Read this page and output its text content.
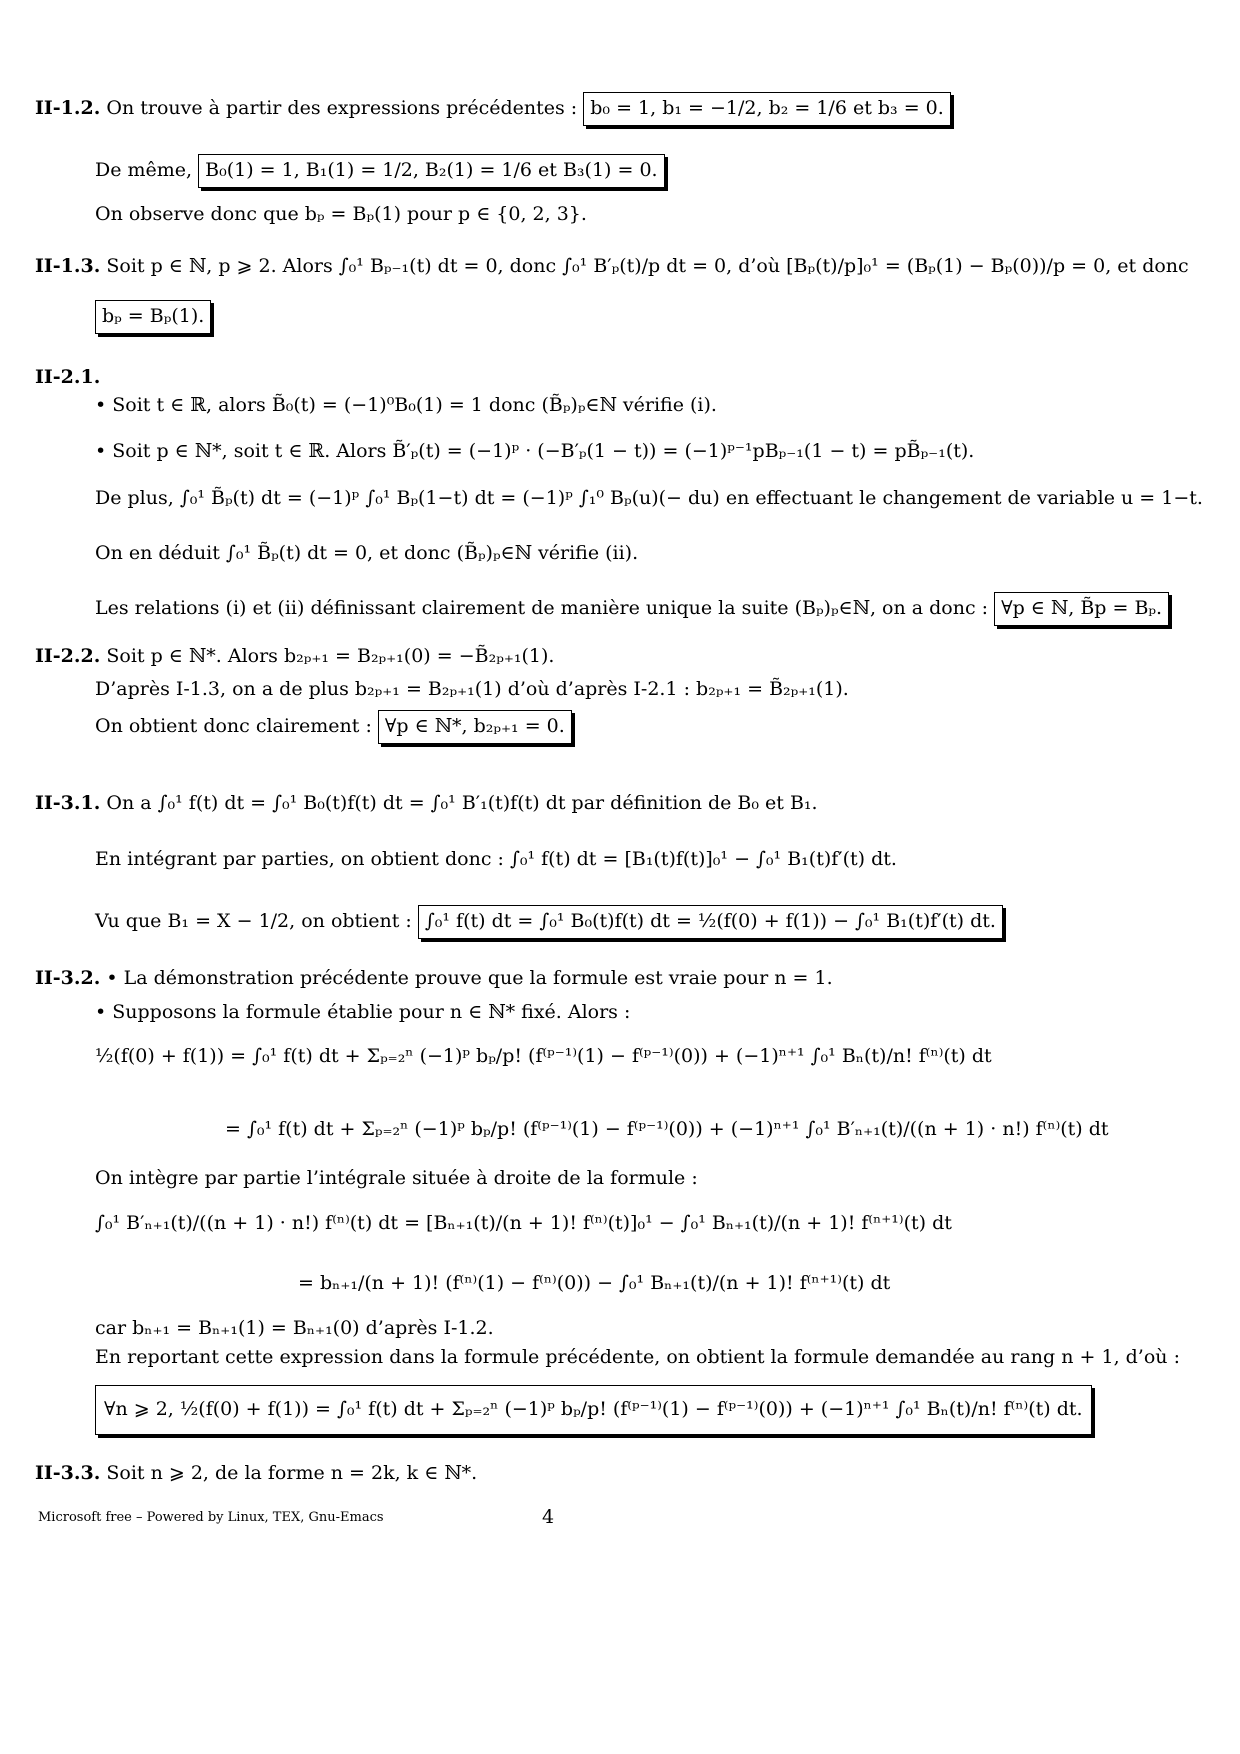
II-1.2. On trouve à partir des expressions précédentes : b₀ = 1, b₁ = −1/2, b₂ = 1/6 et b₃ = 0.
De même, B₀(1) = 1, B₁(1) = 1/2, B₂(1) = 1/6 et B₃(1) = 0.
On observe donc que bₚ = Bₚ(1) pour p ∈ {0, 2, 3}.
II-1.3. Soit p ∈ ℕ, p ⩾ 2. Alors ∫₀¹ Bₚ₋₁(t) dt = 0, donc ∫₀¹ B′ₚ(t)/p dt = 0, d’où [Bₚ(t)/p]₀¹ = (Bₚ(1) − Bₚ(0))/p = 0, et donc
bₚ = Bₚ(1).
II-2.1.
• Soit t ∈ ℝ, alors B̃₀(t) = (−1)⁰B₀(1) = 1 donc (B̃ₚ)ₚ∈ℕ vérifie (i).
• Soit p ∈ ℕ*, soit t ∈ ℝ. Alors B̃′ₚ(t) = (−1)ᵖ · (−B′ₚ(1 − t)) = (−1)ᵖ⁻¹pBₚ₋₁(1 − t) = pB̃ₚ₋₁(t).
De plus, ∫₀¹ B̃ₚ(t) dt = (−1)ᵖ ∫₀¹ Bₚ(1−t) dt = (−1)ᵖ ∫₁⁰ Bₚ(u)(− du) en effectuant le changement de variable u = 1−t.
On en déduit ∫₀¹ B̃ₚ(t) dt = 0, et donc (B̃ₚ)ₚ∈ℕ vérifie (ii).
Les relations (i) et (ii) définissant clairement de manière unique la suite (Bₚ)ₚ∈ℕ, on a donc : ∀p ∈ ℕ, B̃p = Bₚ.
II-2.2. Soit p ∈ ℕ*. Alors b₂ₚ₊₁ = B₂ₚ₊₁(0) = −B̃₂ₚ₊₁(1).
D’après I-1.3, on a de plus b₂ₚ₊₁ = B₂ₚ₊₁(1) d’où d’après I-2.1 : b₂ₚ₊₁ = B̃₂ₚ₊₁(1).
On obtient donc clairement : ∀p ∈ ℕ*, b₂ₚ₊₁ = 0.
II-3.1. On a ∫₀¹ f(t) dt = ∫₀¹ B₀(t)f(t) dt = ∫₀¹ B′₁(t)f(t) dt par définition de B₀ et B₁.
En intégrant par parties, on obtient donc : ∫₀¹ f(t) dt = [B₁(t)f(t)]₀¹ − ∫₀¹ B₁(t)f′(t) dt.
Vu que B₁ = X − 1/2, on obtient : ∫₀¹ f(t) dt = ∫₀¹ B₀(t)f(t) dt = ½(f(0) + f(1)) − ∫₀¹ B₁(t)f′(t) dt.
II-3.2. • La démonstration précédente prouve que la formule est vraie pour n = 1.
• Supposons la formule établie pour n ∈ ℕ* fixé. Alors :
½(f(0) + f(1)) = ∫₀¹ f(t) dt + Σₚ₌₂ⁿ (−1)ᵖ bₚ/p! (f⁽ᵖ⁻¹⁾(1) − f⁽ᵖ⁻¹⁾(0)) + (−1)ⁿ⁺¹ ∫₀¹ Bₙ(t)/n! f⁽ⁿ⁾(t) dt
= ∫₀¹ f(t) dt + Σₚ₌₂ⁿ (−1)ᵖ bₚ/p! (f⁽ᵖ⁻¹⁾(1) − f⁽ᵖ⁻¹⁾(0)) + (−1)ⁿ⁺¹ ∫₀¹ B′ₙ₊₁(t)/((n + 1) · n!) f⁽ⁿ⁾(t) dt
On intègre par partie l’intégrale située à droite de la formule :
∫₀¹ B′ₙ₊₁(t)/((n + 1) · n!) f⁽ⁿ⁾(t) dt = [Bₙ₊₁(t)/(n + 1)! f⁽ⁿ⁾(t)]₀¹ − ∫₀¹ Bₙ₊₁(t)/(n + 1)! f⁽ⁿ⁺¹⁾(t) dt
= bₙ₊₁/(n + 1)! (f⁽ⁿ⁾(1) − f⁽ⁿ⁾(0)) − ∫₀¹ Bₙ₊₁(t)/(n + 1)! f⁽ⁿ⁺¹⁾(t) dt
car bₙ₊₁ = Bₙ₊₁(1) = Bₙ₊₁(0) d’après I-1.2.
En reportant cette expression dans la formule précédente, on obtient la formule demandée au rang n + 1, d’où :
∀n ⩾ 2, ½(f(0) + f(1)) = ∫₀¹ f(t) dt + Σₚ₌₂ⁿ (−1)ᵖ bₚ/p! (f⁽ᵖ⁻¹⁾(1) − f⁽ᵖ⁻¹⁾(0)) + (−1)ⁿ⁺¹ ∫₀¹ Bₙ(t)/n! f⁽ⁿ⁾(t) dt.
II-3.3. Soit n ⩾ 2, de la forme n = 2k, k ∈ ℕ*.
Microsoft free – Powered by Linux, TEX, Gnu-Emacs	4
